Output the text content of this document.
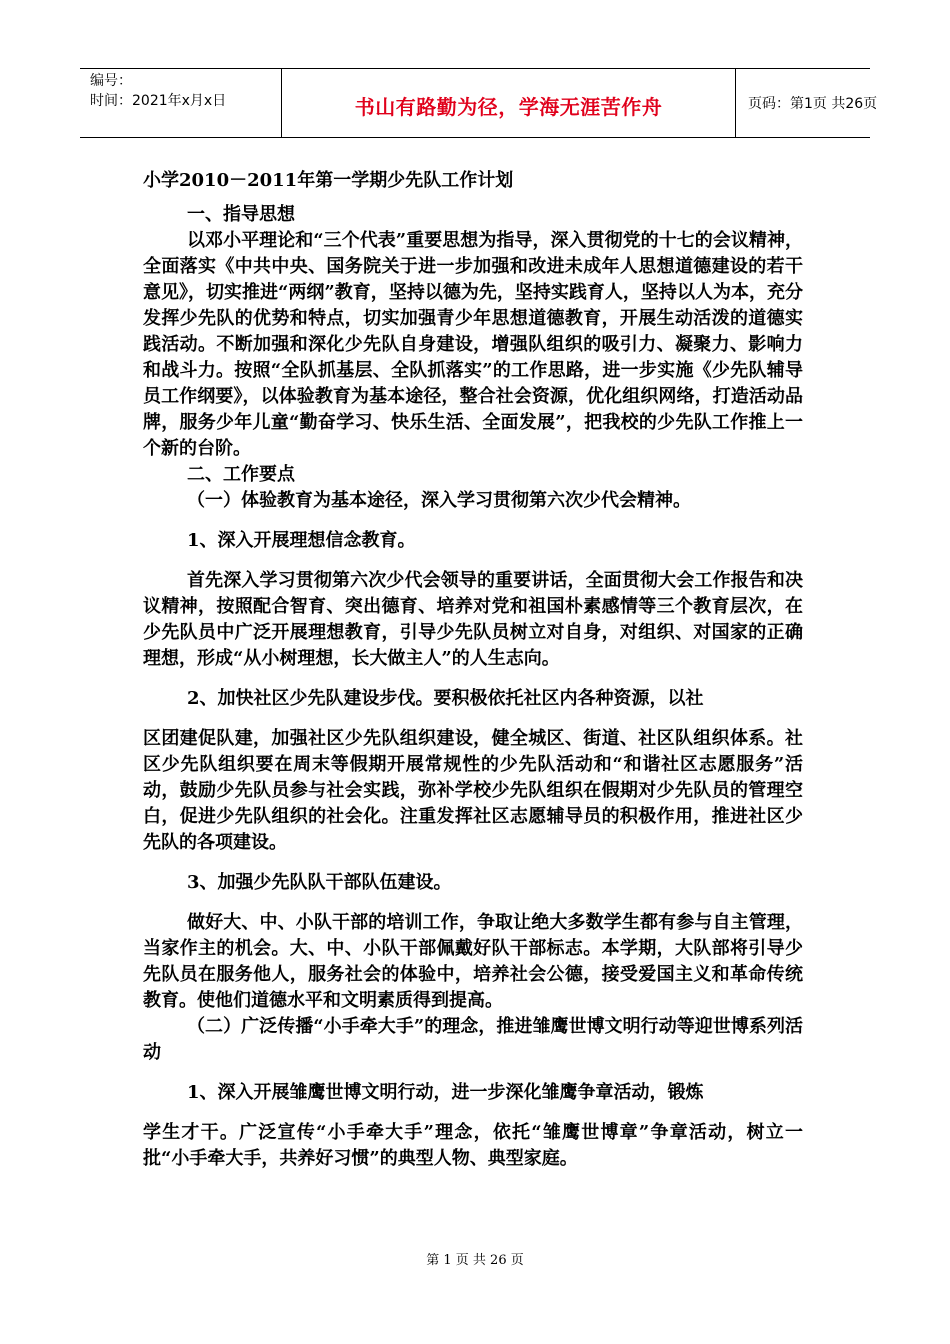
编号：
时间：2021年x月x日	书山有路勤为径，学海无涯苦作舟	页码：第1页 共26页

小学2010－2011年第一学期少先队工作计划

一、指导思想

以邓小平理论和“三个代表”重要思想为指导，深入贯彻党的十七的会议精神，全面落实《中共中央、国务院关于进一步加强和改进未成年人思想道德建设的若干意见》，切实推进“两纲”教育，坚持以德为先，坚持实践育人，坚持以人为本，充分发挥少先队的优势和特点，切实加强青少年思想道德教育，开展生动活泼的道德实践活动。不断加强和深化少先队自身建设，增强队组织的吸引力、凝聚力、影响力和战斗力。按照“全队抓基层、全队抓落实”的工作思路，进一步实施《少先队辅导员工作纲要》，以体验教育为基本途径，整合社会资源，优化组织网络，打造活动品牌，服务少年儿童“勤奋学习、快乐生活、全面发展”，把我校的少先队工作推上一个新的台阶。

二、工作要点

（一）体验教育为基本途径，深入学习贯彻第六次少代会精神。

1、深入开展理想信念教育。

首先深入学习贯彻第六次少代会领导的重要讲话，全面贯彻大会工作报告和决议精神，按照配合智育、突出德育、培养对党和祖国朴素感情等三个教育层次，在少先队员中广泛开展理想教育，引导少先队员树立对自身，对组织、对国家的正确理想，形成“从小树理想，长大做主人”的人生志向。

2、加快社区少先队建设步伐。要积极依托社区内各种资源，以社

区团建促队建，加强社区少先队组织建设，健全城区、街道、社区队组织体系。社区少先队组织要在周末等假期开展常规性的少先队活动和“和谐社区志愿服务”活动，鼓励少先队员参与社会实践，弥补学校少先队组织在假期对少先队员的管理空白，促进少先队组织的社会化。注重发挥社区志愿辅导员的积极作用，推进社区少先队的各项建设。

3、加强少先队队干部队伍建设。

做好大、中、小队干部的培训工作，争取让绝大多数学生都有参与自主管理，当家作主的机会。大、中、小队干部佩戴好队干部标志。本学期，大队部将引导少先队员在服务他人，服务社会的体验中，培养社会公德，接受爱国主义和革命传统教育。使他们道德水平和文明素质得到提高。

（二）广泛传播“小手牵大手”的理念，推进雏鹰世博文明行动等迎世博系列活动

1、深入开展雏鹰世博文明行动，进一步深化雏鹰争章活动，锻炼

学生才干。广泛宣传“小手牵大手”理念，依托“雏鹰世博章”争章活动，树立一批“小手牵大手，共养好习惯”的典型人物、典型家庭。

第 1 页 共 26 页
